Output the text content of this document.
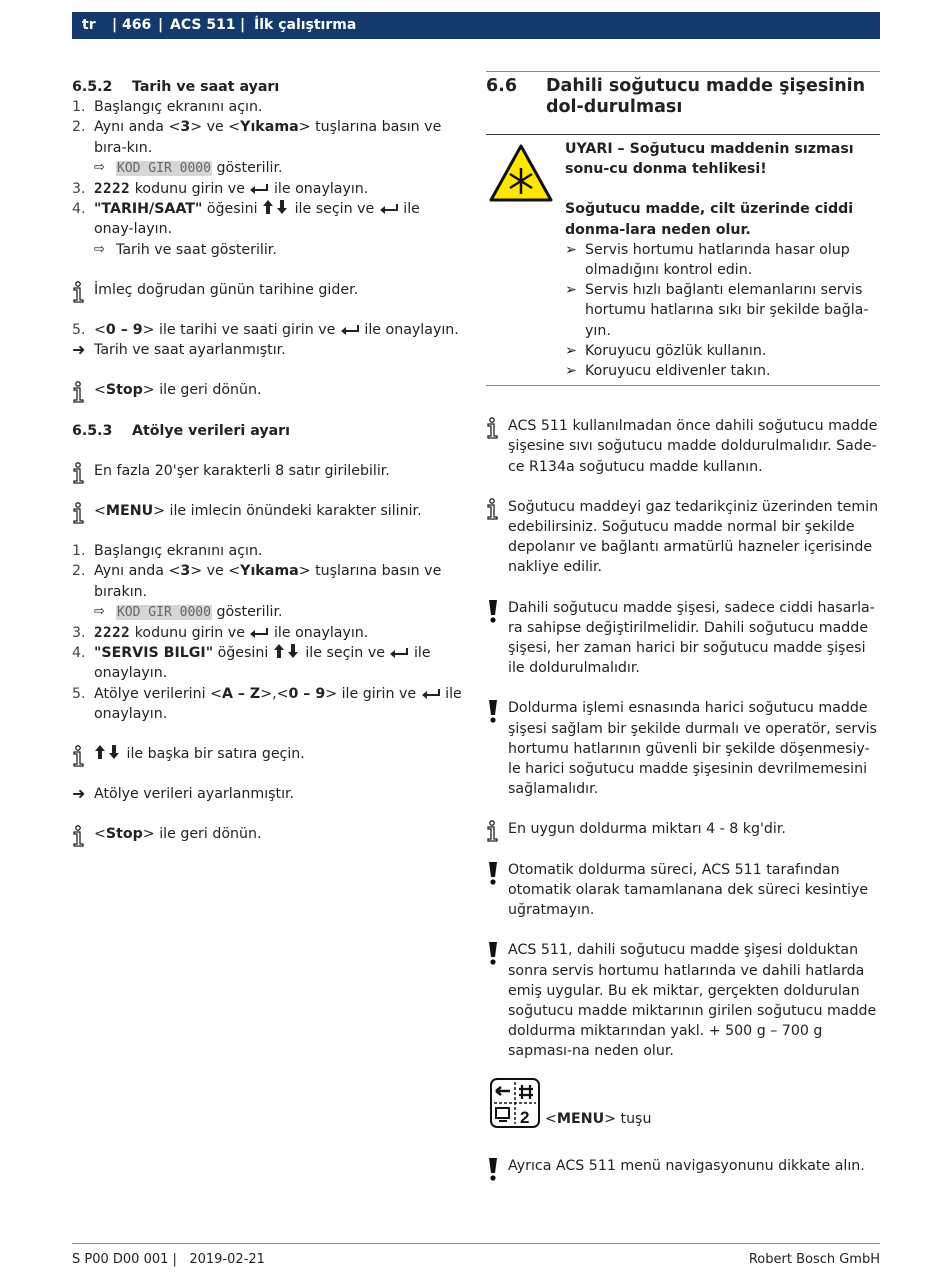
tr | 466 | ACS 511 | İlk çalıştırma

6.5.2 Tarih ve saat ayarı

1. Başlangıç ekranını açın.
2. Aynı anda <3> ve <Yıkama> tuşlarına basın ve bıra-kın.
⇨ KOD GIR 0000 gösterilir.
3. 2222 kodunu girin ve ile onaylayın.
4. "TARIH/SAAT" öğesini	ile seçin ve ile onay-layın.
⇨ Tarih ve saat gösterilir.
İmleç doğrudan günün tarihine gider.
5. <0 – 9> ile tarihi ve saati girin ve ile onaylayın.
➜ Tarih ve saat ayarlanmıştır.
<Stop> ile geri dönün.

6.5.3 Atölye verileri ayarı

En fazla 20'şer karakterli 8 satır girilebilir.
<MENU> ile imlecin önündeki karakter silinir.
1. Başlangıç ekranını açın.
2. Aynı anda <3> ve <Yıkama> tuşlarına basın ve bırakın.
⇨ KOD GIR 0000 gösterilir.
3. 2222 kodunu girin ve ile onaylayın.
4. "SERVIS BILGI" öğesini	ile seçin ve ile onaylayın.
5. Atölye verilerini <A – Z>,<0 – 9> ile girin ve ile onaylayın.
ile başka bir satıra geçin.
➜ Atölye verileri ayarlanmıştır.
<Stop> ile geri dönün.
6.6 Dahili soğutucu madde şişesinin dol-durulması
UYARI – Soğutucu maddenin sızması sonu-cu donma tehlikesi!
Soğutucu madde, cilt üzerinde ciddi donma-lara neden olur.
➢ Servis hortumu hatlarında hasar olup olmadığını kontrol edin.
➢ Servis hızlı bağlantı elemanlarını servis hortumu hatlarına sıkı bir şekilde bağla-yın.
➢ Koruyucu gözlük kullanın.
➢ Koruyucu eldivenler takın.
ACS 511 kullanılmadan önce dahili soğutucu madde şişesine sıvı soğutucu madde doldurulmalıdır. Sade-ce R134a soğutucu madde kullanın.
Soğutucu maddeyi gaz tedarikçiniz üzerinden temin edebilirsiniz. Soğutucu madde normal bir şekilde depolanır ve bağlantı armatürlü hazneler içerisinde nakliye edilir.
Dahili soğutucu madde şişesi, sadece ciddi hasarla-ra sahipse değiştirilmelidir. Dahili soğutucu madde şişesi, her zaman harici bir soğutucu madde şişesi ile doldurulmalıdır.
Doldurma işlemi esnasında harici soğutucu madde şişesi sağlam bir şekilde durmalı ve operatör, servis hortumu hatlarının güvenli bir şekilde döşenmesiy-le harici soğutucu madde şişesinin devrilmemesini sağlamalıdır.
En uygun doldurma miktarı 4 - 8 kg'dir.
Otomatik doldurma süreci, ACS 511 tarafından otomatik olarak tamamlanana dek süreci kesintiye uğratmayın.
ACS 511, dahili soğutucu madde şişesi dolduktan sonra servis hortumu hatlarında ve dahili hatlarda emiş uygular. Bu ek miktar, gerçekten doldurulan soğutucu madde miktarının girilen soğutucu madde doldurma miktarından yakl. + 500 g – 700 g sapması-na neden olur.
2 <MENU> tuşu
Ayrıca ACS 511 menü navigasyonunu dikkate alın.
S P00 D00 001 |   2019-02-21	Robert Bosch GmbH
